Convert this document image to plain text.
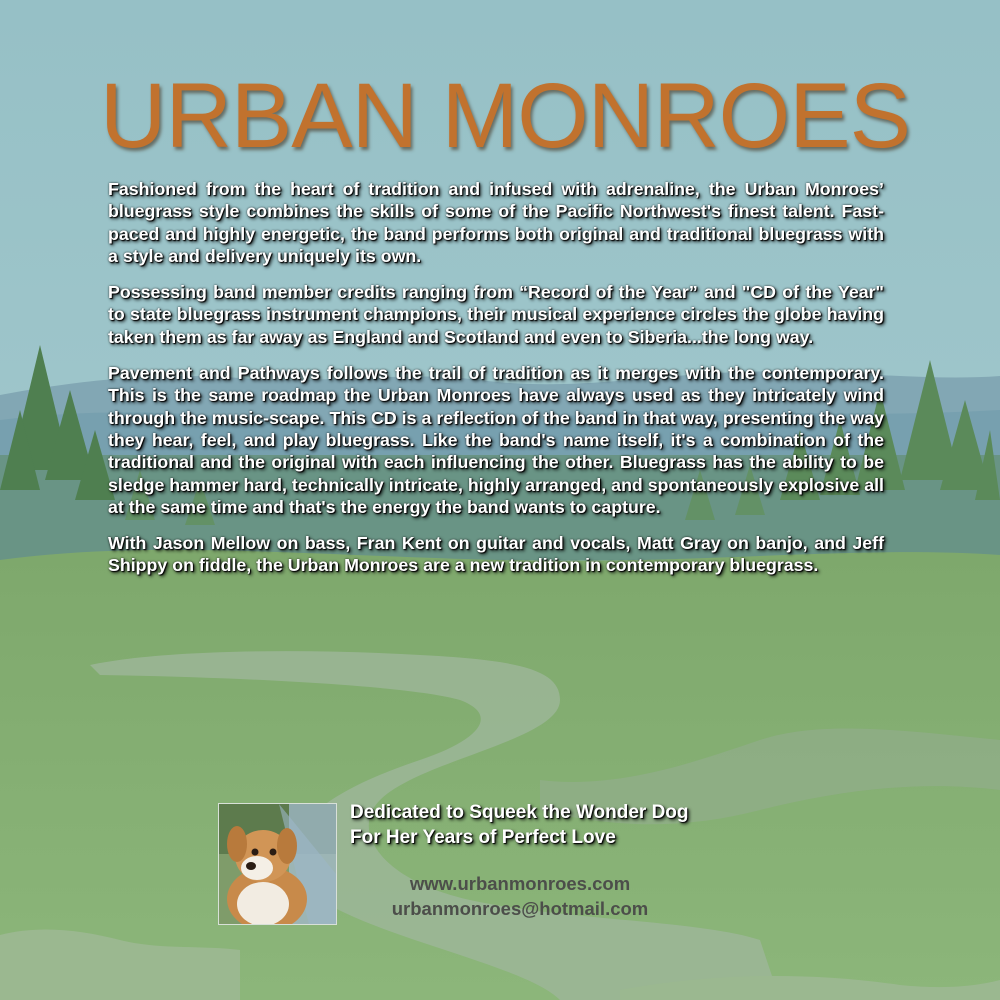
URBAN MONROES

Fashioned from the heart of tradition and infused with adrenaline, the Urban Monroes’ bluegrass style combines the skills of some of the Pacific Northwest's finest talent. Fast-paced and highly energetic, the band performs both original and traditional bluegrass with a style and delivery uniquely its own.

Possessing band member credits ranging from “Record of the Year” and "CD of the Year" to state bluegrass instrument champions, their musical experience circles the globe having taken them as far away as England and Scotland and even to Siberia...the long way.

Pavement and Pathways follows the trail of tradition as it merges with the contemporary. This is the same roadmap the Urban Monroes have always used as they intricately wind through the music-scape. This CD is a reflection of the band in that way, presenting the way they hear, feel, and play bluegrass. Like the band's name itself, it's a combination of the traditional and the original with each influencing the other. Bluegrass has the ability to be sledge hammer hard, technically intricate, highly arranged, and spontaneously explosive all at the same time and that's the energy the band wants to capture.

With Jason Mellow on bass, Fran Kent on guitar and vocals, Matt Gray on banjo, and Jeff Shippy on fiddle, the Urban Monroes are a new tradition in contemporary bluegrass.

Dedicated to Squeek the Wonder Dog
For Her Years of Perfect Love
www.urbanmonroes.com
urbanmonroes@hotmail.com
